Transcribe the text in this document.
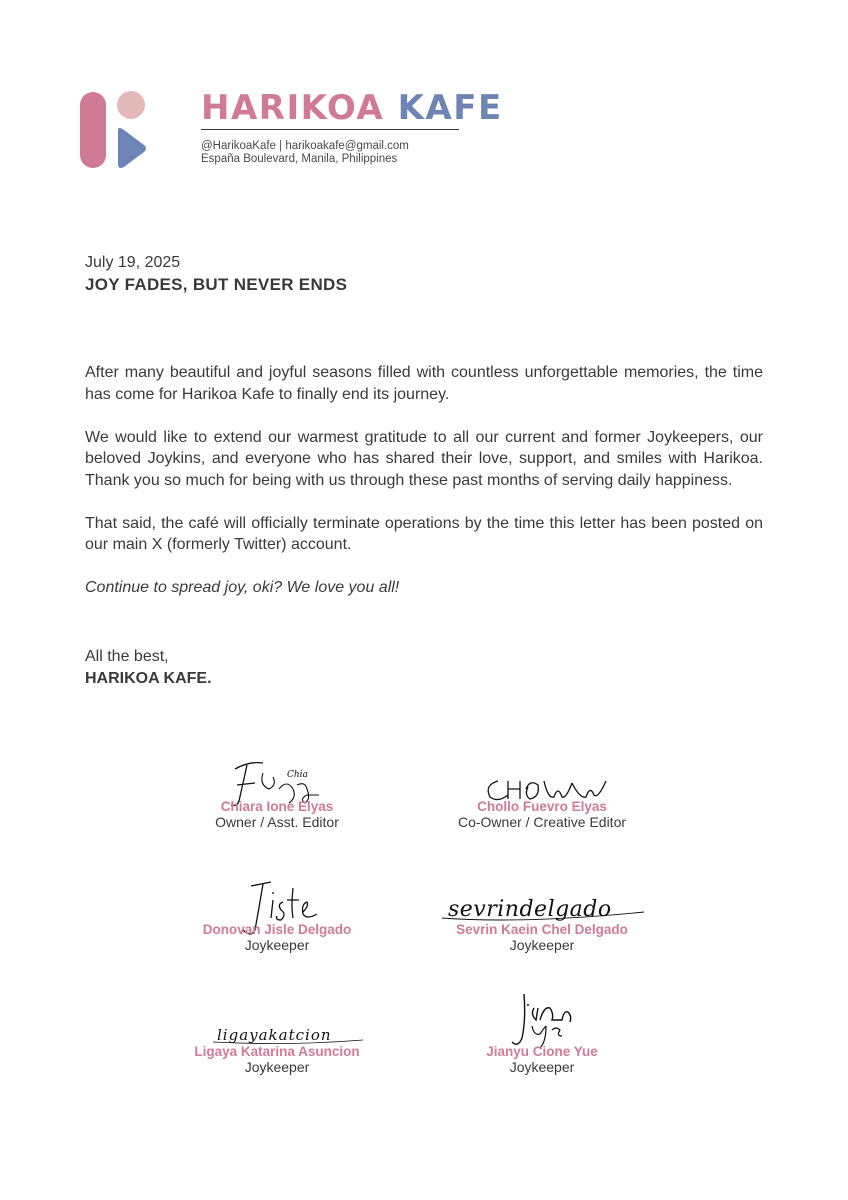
HARIKOA KAFE
@HarikoaKafe | harikoakafe@gmail.com
España Boulevard, Manila, Philippines
July 19, 2025
JOY FADES, BUT NEVER ENDS

After many beautiful and joyful seasons filled with countless unforgettable memories, the time has come for Harikoa Kafe to finally end its journey.

We would like to extend our warmest gratitude to all our current and former Joykeepers, our beloved Joykins, and everyone who has shared their love, support, and smiles with Harikoa. Thank you so much for being with us through these past months of serving daily happiness.

That said, the café will officially terminate operations by the time this letter has been posted on our main X (formerly Twitter) account.

Continue to spread joy, oki? We love you all!

All the best,
HARIKOA KAFE.
Chia
Chiara Ione Elyas
Owner / Asst. Editor
Chollo Fuevro Elyas
Co-Owner / Creative Editor
Donovan Jisle Delgado
Joykeeper
sevrindelgado
Sevrin Kaein Chel Delgado
Joykeeper
ligayakatcion
Ligaya Katarina Asuncion
Joykeeper
Jianyu Cione Yue
Joykeeper
